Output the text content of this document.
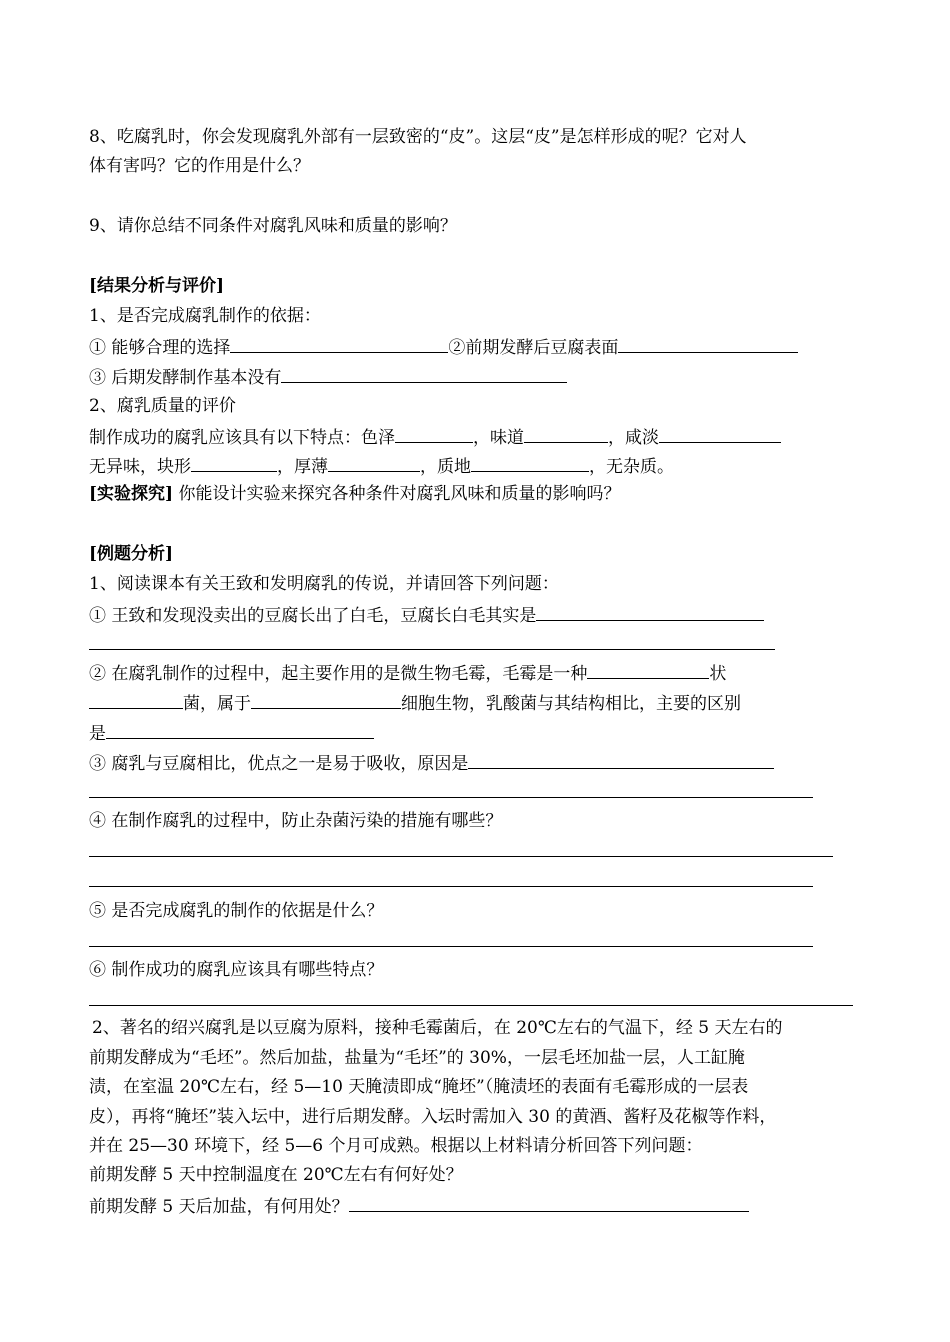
8、吃腐乳时，你会发现腐乳外部有一层致密的“皮”。这层“皮”是怎样形成的呢？它对人
体有害吗？它的作用是什么？
9、请你总结不同条件对腐乳风味和质量的影响？
[结果分析与评价]
1、是否完成腐乳制作的依据：
① 能够合理的选择	②前期发酵后豆腐表面
③ 后期发酵制作基本没有
2、腐乳质量的评价
制作成功的腐乳应该具有以下特点：色泽	，味道	，咸淡
无异味，块形	，厚薄	，质地	，无杂质。
[实验探究] 你能设计实验来探究各种条件对腐乳风味和质量的影响吗？
[例题分析]
1、阅读课本有关王致和发明腐乳的传说，并请回答下列问题：
① 王致和发现没卖出的豆腐长出了白毛，豆腐长白毛其实是
② 在腐乳制作的过程中，起主要作用的是微生物毛霉，毛霉是一种	状
菌，属于	细胞生物，乳酸菌与其结构相比，主要的区别
是
③ 腐乳与豆腐相比，优点之一是易于吸收，原因是
④ 在制作腐乳的过程中，防止杂菌污染的措施有哪些？
⑤ 是否完成腐乳的制作的依据是什么？
⑥ 制作成功的腐乳应该具有哪些特点？
2、著名的绍兴腐乳是以豆腐为原料，接种毛霉菌后，在 20℃左右的气温下，经 5 天左右的
前期发酵成为“毛坯”。然后加盐，盐量为“毛坯”的 30%，一层毛坯加盐一层，人工缸腌
渍，在室温 20℃左右，经 5—10 天腌渍即成“腌坯”（腌渍坯的表面有毛霉形成的一层表
皮），再将“腌坯”装入坛中，进行后期发酵。入坛时需加入 30 的黄酒、酱籽及花椒等作料，
并在 25—30 环境下，经 5—6 个月可成熟。根据以上材料请分析回答下列问题：
前期发酵 5 天中控制温度在 20℃左右有何好处？
前期发酵 5 天后加盐，有何用处？
